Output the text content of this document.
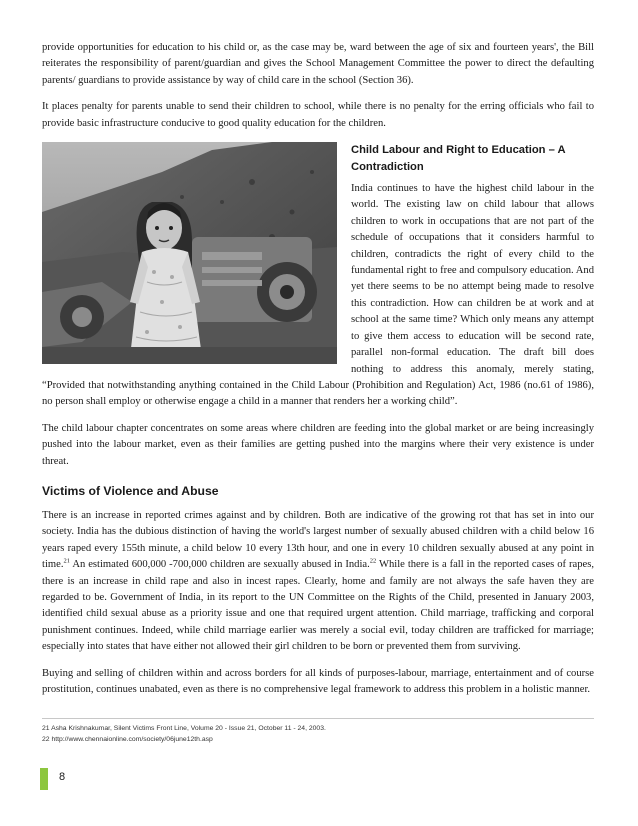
provide opportunities for education to his child or, as the case may be, ward between the age of six and fourteen years', the Bill reiterates the responsibility of parent/guardian and gives the School Management Committee the power to direct the defaulting parents/ guardians to provide assistance by way of child care in the school (Section 36).

It places penalty for parents unable to send their children to school, while there is no penalty for the erring officials who fail to provide basic infrastructure conducive to good quality education for the children.

Child Labour and Right to Education – A Contradiction

India continues to have the highest child labour in the world. The existing law on child labour that allows children to work in occupations that are not part of the schedule of occupations that it considers harmful to children, contradicts the right of every child to the fundamental right to free and compulsory education. And yet there seems to be no attempt being made to resolve this contradiction. How can children be at work and at school at the same time? Which only means any attempt to give them access to education will be second rate, parallel non-formal education. The draft bill does nothing to address this anomaly, merely stating, “Provided that notwithstanding anything contained in the Child Labour (Prohibition and Regulation) Act, 1986 (no.61 of 1986), no person shall employ or otherwise engage a child in a manner that renders her a working child”.

The child labour chapter concentrates on some areas where children are feeding into the global market or are being increasingly pushed into the labour market, even as their families are getting pushed into the margins where their very existence is under threat.

Victims of Violence and Abuse

There is an increase in reported crimes against and by children. Both are indicative of the growing rot that has set in into our society. India has the dubious distinction of having the world's largest number of sexually abused children with a child below 16 years raped every 155th minute, a child below 10 every 13th hour, and one in every 10 children sexually abused at any point in time.$^{21}$ An estimated 600,000 -700,000 children are sexually abused in India.$^{22}$ While there is a fall in the reported cases of rapes, there is an increase in child rape and also in incest rapes. Clearly, home and family are not always the safe haven they are regarded to be. Government of India, in its report to the UN Committee on the Rights of the Child, presented in January 2003, identified child sexual abuse as a priority issue and one that required urgent attention. Child marriage, trafficking and corporal punishment continues. Indeed, while child marriage earlier was merely a social evil, today children are trafficked for marriage; especially into states that have either not allowed their girl children to be born or prevented them from surviving.

Buying and selling of children within and across borders for all kinds of purposes-labour, marriage, entertainment and of course prostitution, continues unabated, even as there is no comprehensive legal framework to address this problem in a holistic manner.

21 Asha Krishnakumar, Silent Victims Front Line, Volume 20 - Issue 21, October 11 - 24, 2003.
22 http://www.chennaionline.com/society/06june12th.asp
8
